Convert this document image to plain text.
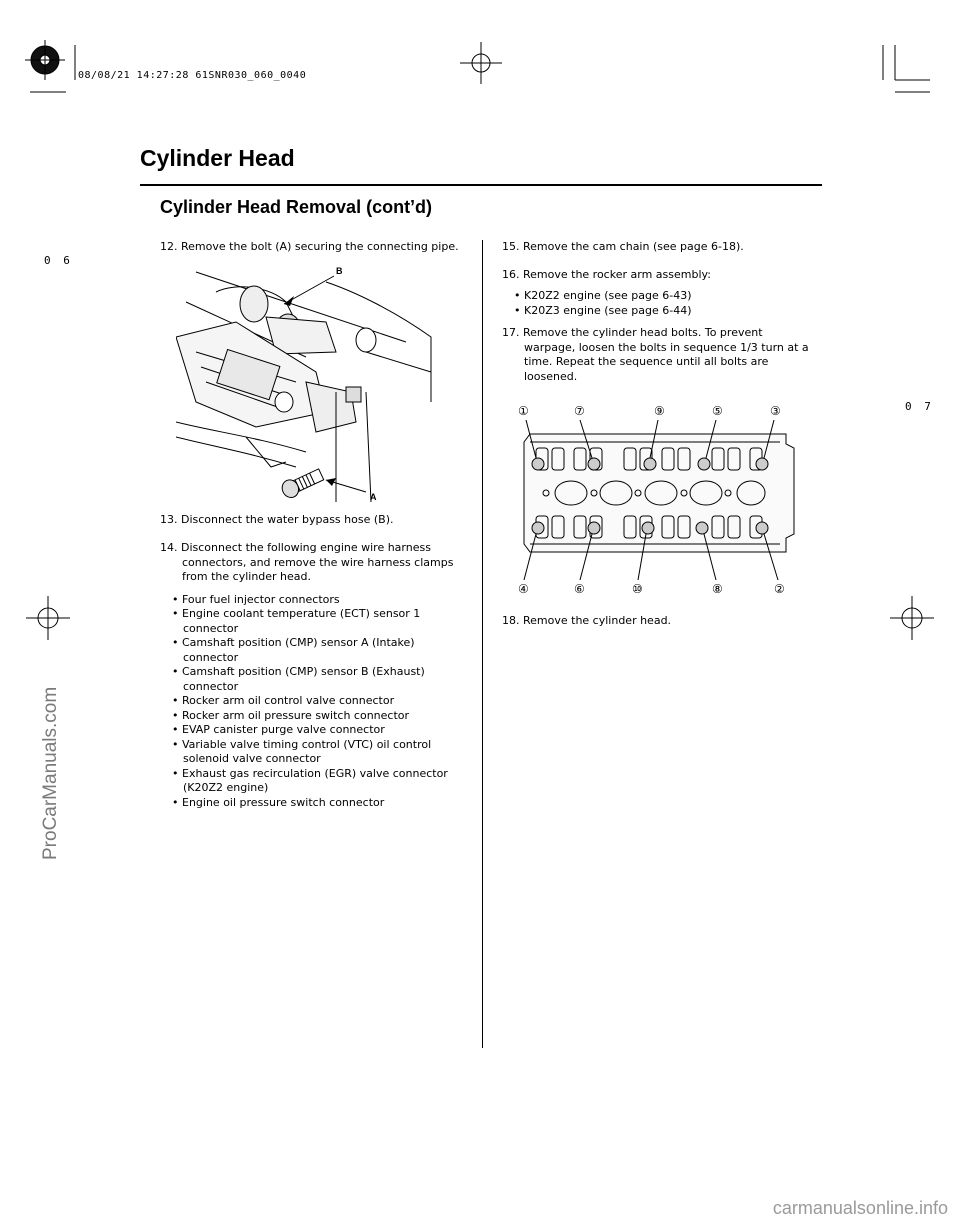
08/08/21 14:27:28 61SNR030_060_0040
Cylinder Head
Cylinder Head Removal (cont’d)
0 6
0 7
12. Remove the bolt (A) securing the connecting pipe.
B
A
13. Disconnect the water bypass hose (B).
14. Disconnect the following engine wire harness
connectors, and remove the wire harness clamps
from the cylinder head.
• Four fuel injector connectors
• Engine coolant temperature (ECT) sensor 1
connector
• Camshaft position (CMP) sensor A (Intake)
connector
• Camshaft position (CMP) sensor B (Exhaust)
connector
• Rocker arm oil control valve connector
• Rocker arm oil pressure switch connector
• EVAP canister purge valve connector
• Variable valve timing control (VTC) oil control
solenoid valve connector
• Exhaust gas recirculation (EGR) valve connector
(K20Z2 engine)
• Engine oil pressure switch connector
15. Remove the cam chain (see page 6-18).
16. Remove the rocker arm assembly:
• K20Z2 engine (see page 6-43)
• K20Z3 engine (see page 6-44)
17. Remove the cylinder head bolts. To prevent
warpage, loosen the bolts in sequence 1/3 turn at a
time. Repeat the sequence until all bolts are
loosened.
①	⑦	⑨	⑤	③
④	⑥	⑩	⑧	②
18. Remove the cylinder head.
ProCarManuals.com
carmanualsonline.info
